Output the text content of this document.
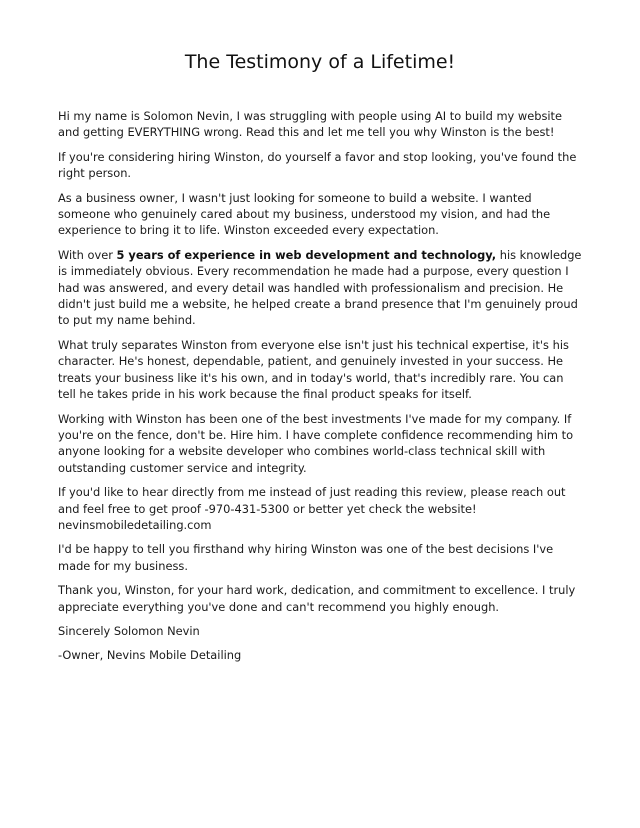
The Testimony of a Lifetime!

Hi my name is Solomon Nevin, I was struggling with people using AI to build my website and getting EVERYTHING wrong. Read this and let me tell you why Winston is the best!

If you're considering hiring Winston, do yourself a favor and stop looking, you've found the right person.

As a business owner, I wasn't just looking for someone to build a website. I wanted someone who genuinely cared about my business, understood my vision, and had the experience to bring it to life. Winston exceeded every expectation.

With over 5 years of experience in web development and technology, his knowledge is immediately obvious. Every recommendation he made had a purpose, every question I had was answered, and every detail was handled with professionalism and precision. He didn't just build me a website, he helped create a brand presence that I'm genuinely proud to put my name behind.

What truly separates Winston from everyone else isn't just his technical expertise, it's his character. He's honest, dependable, patient, and genuinely invested in your success. He treats your business like it's his own, and in today's world, that's incredibly rare. You can tell he takes pride in his work because the final product speaks for itself.

Working with Winston has been one of the best investments I've made for my company. If you're on the fence, don't be. Hire him. I have complete confidence recommending him to anyone looking for a website developer who combines world-class technical skill with outstanding customer service and integrity.

If you'd like to hear directly from me instead of just reading this review, please reach out and feel free to get proof -970-431-5300 or better yet check the website!
nevinsmobiledetailing.com

I'd be happy to tell you firsthand why hiring Winston was one of the best decisions I've made for my business.

Thank you, Winston, for your hard work, dedication, and commitment to excellence. I truly appreciate everything you've done and can't recommend you highly enough.

Sincerely Solomon Nevin

-Owner, Nevins Mobile Detailing
